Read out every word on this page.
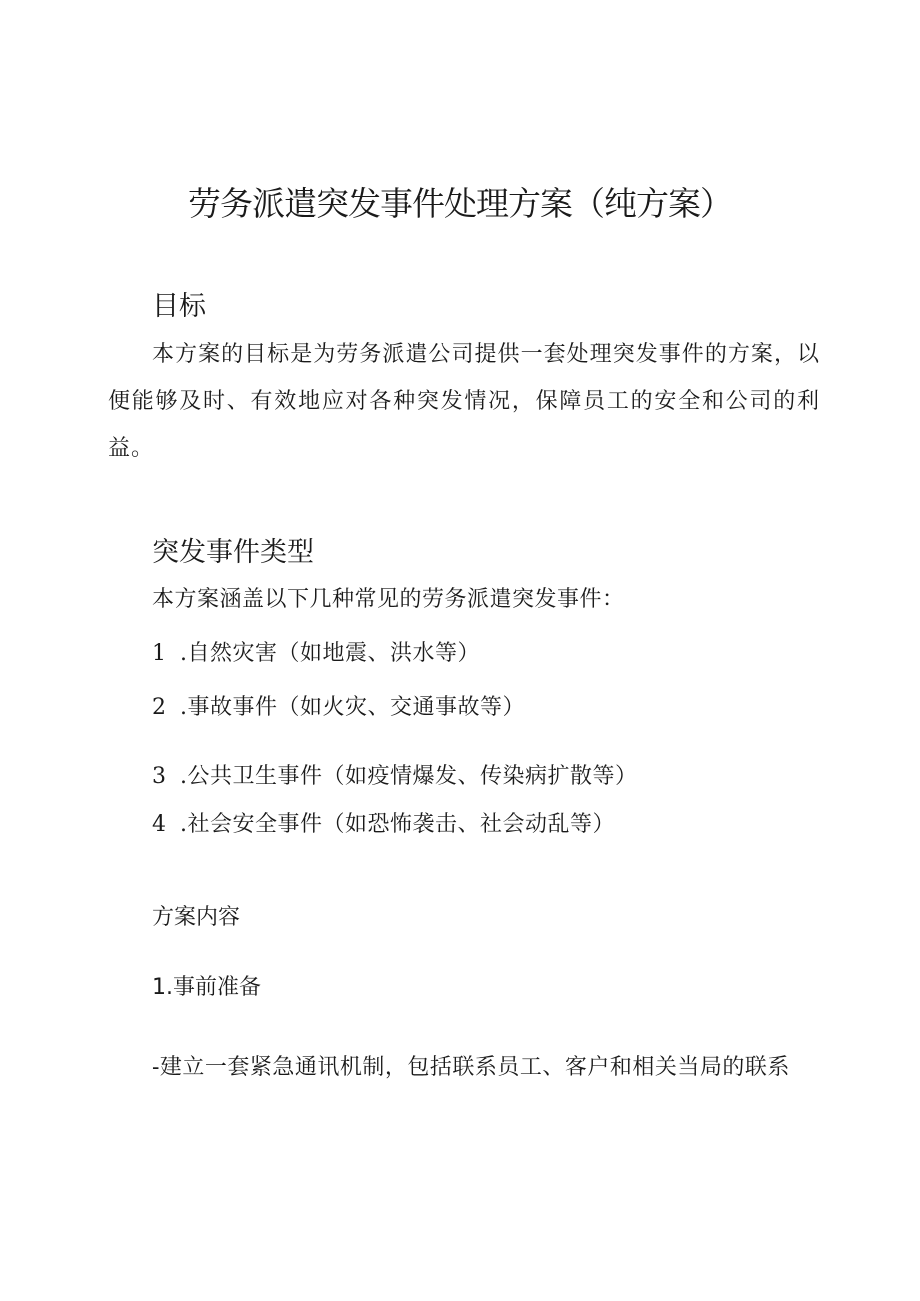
劳务派遣突发事件处理方案（纯方案）
目标
本方案的目标是为劳务派遣公司提供一套处理突发事件的方案，以便能够及时、有效地应对各种突发情况，保障员工的安全和公司的利益。
突发事件类型
本方案涵盖以下几种常见的劳务派遣突发事件：
1 .自然灾害（如地震、洪水等）
2 .事故事件（如火灾、交通事故等）
3 .公共卫生事件（如疫情爆发、传染病扩散等）
4 .社会安全事件（如恐怖袭击、社会动乱等）
方案内容
1.事前准备
-建立一套紧急通讯机制，包括联系员工、客户和相关当局的联系
